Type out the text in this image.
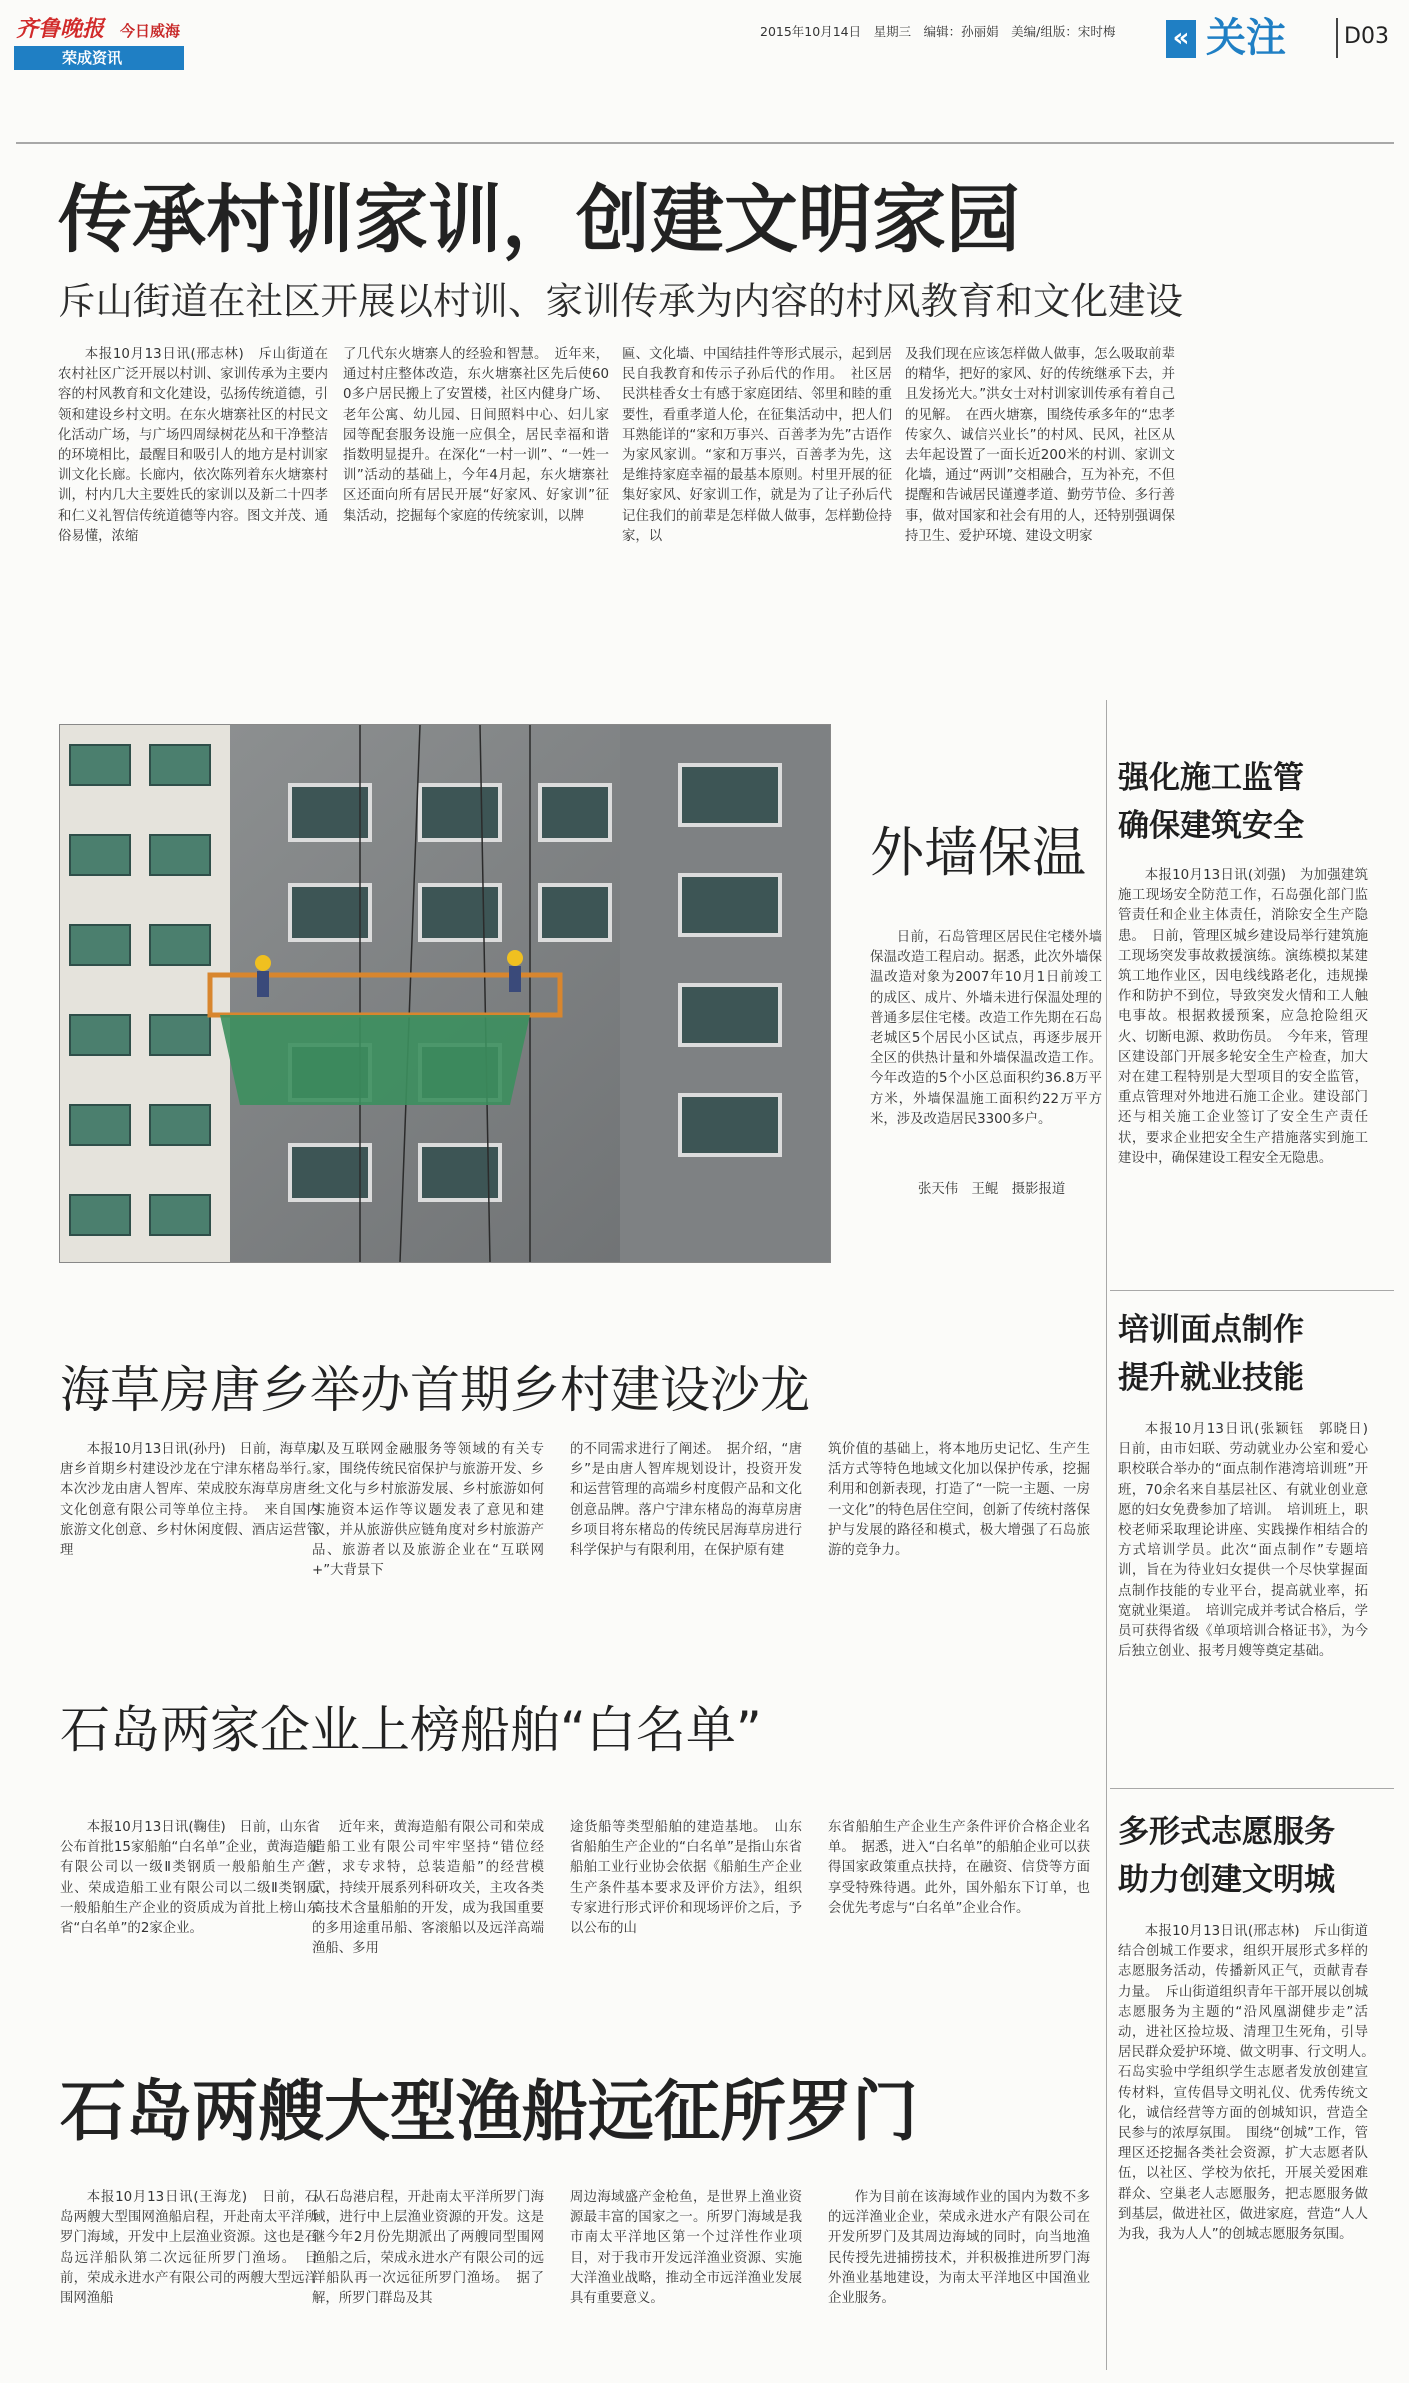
齐鲁晚报 今日威海
荣成资讯
2015年10月14日　星期三　编辑：孙丽娟　美编/组版：宋时梅 « 关注	D03
传承村训家训，创建文明家园
斥山街道在社区开展以村训、家训传承为内容的村风教育和文化建设
本报10月13日讯(邢志林)　斥山街道在农村社区广泛开展以村训、家训传承为主要内容的村风教育和文化建设，弘扬传统道德，引领和建设乡村文明。在东火塘寨社区的村民文化活动广场，与广场四周绿树花丛和干净整洁的环境相比，最醒目和吸引人的地方是村训家训文化长廊。长廊内，依次陈列着东火塘寨村训，村内几大主要姓氏的家训以及新二十四孝和仁义礼智信传统道德等内容。图文并茂、通俗易懂，浓缩
了几代东火塘寨人的经验和智慧。　近年来，通过村庄整体改造，东火塘寨社区先后使600多户居民搬上了安置楼，社区内健身广场、老年公寓、幼儿园、日间照料中心、妇儿家园等配套服务设施一应俱全，居民幸福和谐指数明显提升。在深化“一村一训”、“一姓一训”活动的基础上，今年4月起，东火塘寨社区还面向所有居民开展“好家风、好家训”征集活动，挖掘每个家庭的传统家训，以牌
匾、文化墙、中国结挂件等形式展示，起到居民自我教育和传示子孙后代的作用。　社区居民洪桂香女士有感于家庭团结、邻里和睦的重要性，看重孝道人伦，在征集活动中，把人们耳熟能详的“家和万事兴、百善孝为先”古语作为家风家训。“家和万事兴，百善孝为先，这是维持家庭幸福的最基本原则。村里开展的征集好家风、好家训工作，就是为了让子孙后代记住我们的前辈是怎样做人做事，怎样勤俭持家，以
及我们现在应该怎样做人做事，怎么吸取前辈的精华，把好的家风、好的传统继承下去，并且发扬光大。”洪女士对村训家训传承有着自己的见解。　在西火塘寨，围绕传承多年的“忠孝传家久、诚信兴业长”的村风、民风，社区从去年起设置了一面长近200米的村训、家训文化墙，通过“两训”交相融合，互为补充，不但提醒和告诫居民谨遵孝道、勤劳节俭、多行善事，做对国家和社会有用的人，还特别强调保持卫生、爱护环境、建设文明家
外墙保温
日前，石岛管理区居民住宅楼外墙保温改造工程启动。据悉，此次外墙保温改造对象为2007年10月1日前竣工的成区、成片、外墙未进行保温处理的普通多层住宅楼。改造工作先期在石岛老城区5个居民小区试点，再逐步展开全区的供热计量和外墙保温改造工作。今年改造的5个小区总面积约36.8万平方米，外墙保温施工面积约22万平方米，涉及改造居民3300多户。
张天伟　王鲲　摄影报道
强化施工监管
确保建筑安全
本报10月13日讯(刘强)　为加强建筑施工现场安全防范工作，石岛强化部门监管责任和企业主体责任，消除安全生产隐患。　日前，管理区城乡建设局举行建筑施工现场突发事故救援演练。演练模拟某建筑工地作业区，因电线线路老化，违规操作和防护不到位，导致突发火情和工人触电事故。根据救援预案，应急抢险组灭火、切断电源、救助伤员。　今年来，管理区建设部门开展多轮安全生产检查，加大对在建工程特别是大型项目的安全监管，重点管理对外地进石施工企业。建设部门还与相关施工企业签订了安全生产责任状，要求企业把安全生产措施落实到施工建设中，确保建设工程安全无隐患。
培训面点制作
提升就业技能
本报10月13日讯(张颖钰　郭晓日)　日前，由市妇联、劳动就业办公室和爱心职校联合举办的“面点制作港湾培训班”开班，70余名来自基层社区、有就业创业意愿的妇女免费参加了培训。　培训班上，职校老师采取理论讲座、实践操作相结合的方式培训学员。此次“面点制作”专题培训，旨在为待业妇女提供一个尽快掌握面点制作技能的专业平台，提高就业率，拓宽就业渠道。　培训完成并考试合格后，学员可获得省级《单项培训合格证书》，为今后独立创业、报考月嫂等奠定基础。
多形式志愿服务
助力创建文明城
本报10月13日讯(邢志林)　斥山街道结合创城工作要求，组织开展形式多样的志愿服务活动，传播新风正气，贡献青春力量。　斥山街道组织青年干部开展以创城志愿服务为主题的“沿风凰湖健步走”活动，进社区捡垃圾、清理卫生死角，引导居民群众爱护环境、做文明事、行文明人。　石岛实验中学组织学生志愿者发放创建宣传材料，宣传倡导文明礼仪、优秀传统文化，诚信经营等方面的创城知识，营造全民参与的浓厚氛围。　围绕“创城”工作，管理区还挖掘各类社会资源，扩大志愿者队伍，以社区、学校为依托，开展关爱困难群众、空巢老人志愿服务，把志愿服务做到基层，做进社区，做进家庭，营造“人人为我，我为人人”的创城志愿服务氛围。
海草房唐乡举办首期乡村建设沙龙
本报10月13日讯(孙丹)　日前，海草房唐乡首期乡村建设沙龙在宁津东楮岛举行。本次沙龙由唐人智库、荣成胶东海草房唐乡文化创意有限公司等单位主持。　来自国内旅游文化创意、乡村休闲度假、酒店运营管理
以及互联网金融服务等领域的有关专家，围绕传统民宿保护与旅游开发、乡土文化与乡村旅游发展、乡村旅游如何实施资本运作等议题发表了意见和建议，并从旅游供应链角度对乡村旅游产品、旅游者以及旅游企业在“互联网+”大背景下
的不同需求进行了阐述。　据介绍，“唐乡”是由唐人智库规划设计，投资开发和运营管理的高端乡村度假产品和文化创意品牌。落户宁津东楮岛的海草房唐乡项目将东楮岛的传统民居海草房进行科学保护与有限利用，在保护原有建
筑价值的基础上，将本地历史记忆、生产生活方式等特色地域文化加以保护传承，挖掘利用和创新表现，打造了“一院一主题、一房一文化”的特色居住空间，创新了传统村落保护与发展的路径和模式，极大增强了石岛旅游的竞争力。
石岛两家企业上榜船舶“白名单”
本报10月13日讯(鞠佳)　日前，山东省公布首批15家船舶“白名单”企业，黄海造船有限公司以一级Ⅱ类钢质一般船舶生产企业、荣成造船工业有限公司以二级Ⅱ类钢质一般船舶生产企业的资质成为首批上榜山东省“白名单”的2家企业。
近年来，黄海造船有限公司和荣成造船工业有限公司牢牢坚持“错位经营，求专求特，总装造船”的经营模式，持续开展系列科研攻关，主攻各类高技术含量船舶的开发，成为我国重要的多用途重吊船、客滚船以及远洋高端渔船、多用
途货船等类型船舶的建造基地。　山东省船舶生产企业的“白名单”是指山东省船舶工业行业协会依据《船舶生产企业生产条件基本要求及评价方法》，组织专家进行形式评价和现场评价之后，予以公布的山
东省船舶生产企业生产条件评价合格企业名单。　据悉，进入“白名单”的船舶企业可以获得国家政策重点扶持，在融资、信贷等方面享受特殊待遇。此外，国外船东下订单，也会优先考虑与“白名单”企业合作。
石岛两艘大型渔船远征所罗门
本报10月13日讯(王海龙)　日前，石岛两艘大型围网渔船启程，开赴南太平洋所罗门海域，开发中上层渔业资源。这也是石岛远洋船队第二次远征所罗门渔场。　日前，荣成永进水产有限公司的两艘大型远洋围网渔船
从石岛港启程，开赴南太平洋所罗门海域，进行中上层渔业资源的开发。这是继今年2月份先期派出了两艘同型围网渔船之后，荣成永进水产有限公司的远洋船队再一次远征所罗门渔场。　据了解，所罗门群岛及其
周边海域盛产金枪鱼，是世界上渔业资源最丰富的国家之一。所罗门海域是我市南太平洋地区第一个过洋性作业项目，对于我市开发远洋渔业资源、实施大洋渔业战略，推动全市远洋渔业发展具有重要意义。
作为目前在该海域作业的国内为数不多的远洋渔业企业，荣成永进水产有限公司在开发所罗门及其周边海域的同时，向当地渔民传授先进捕捞技术，并积极推进所罗门海外渔业基地建设，为南太平洋地区中国渔业企业服务。
